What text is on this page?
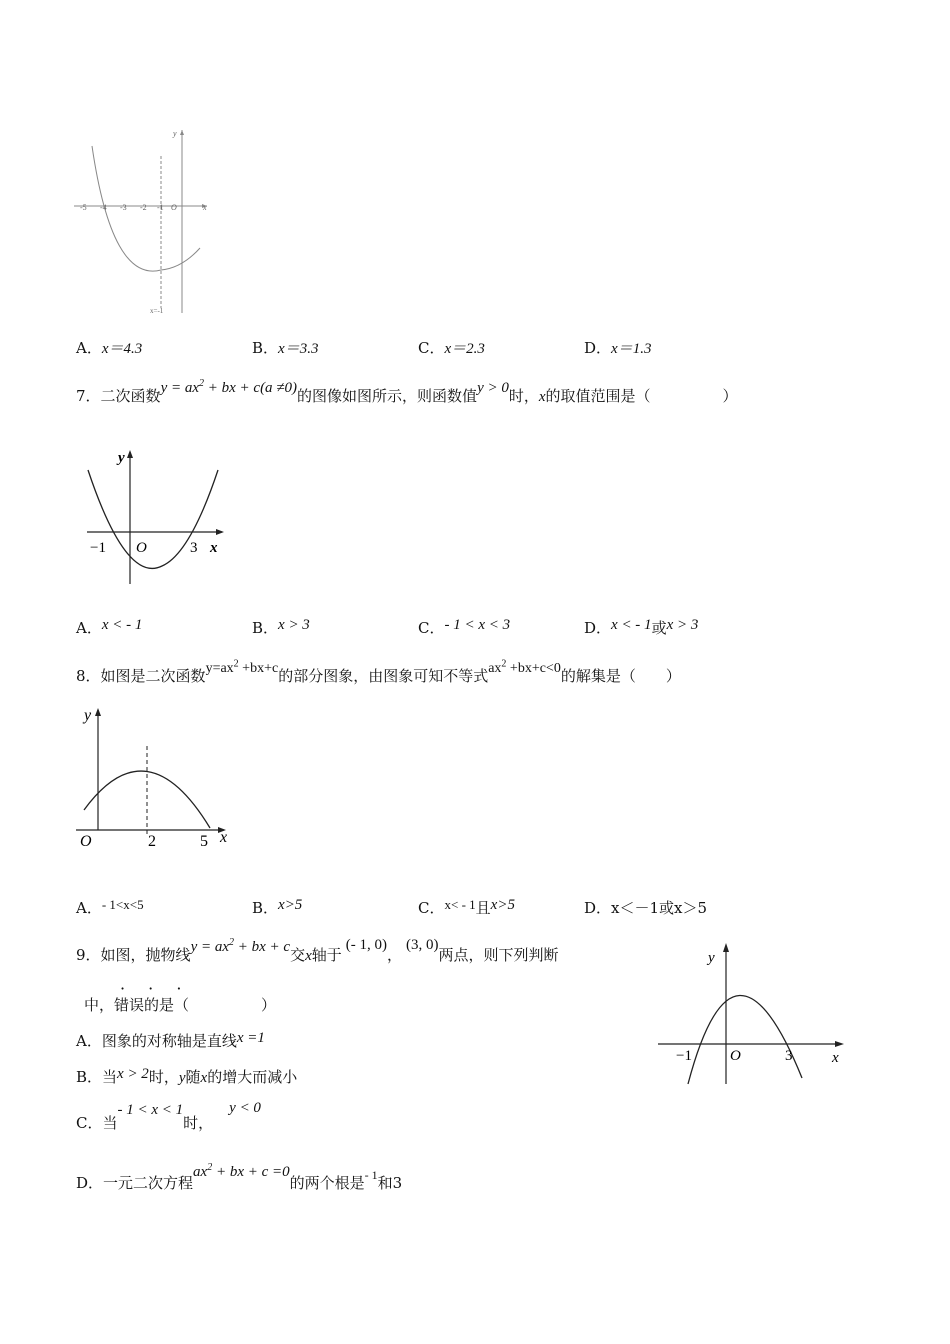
-5 -4 -3 -2 -1 O	x
y
x=-1
A．x＝4.3	B．x＝3.3	C．x＝2.3	D．x＝1.3
7．二次函数$y = ax^2$ + bx + c(a ≠0)的图像如图所示，则函数值y > 0时，x的取值范围是（	）
−1 O	3 x
y
A．x < - 1	B．x > 3	C．- 1 < x < 3	D．x < - 1或x > 3
8．如图是二次函数$y=ax^2 +bx+c$的部分图象，由图象可知不等式$ax^2 +bx+c<0$的解集是（　　）
O	2	5 x
y
A．- 1<x<5	B．x>5	C．x< - 1且x>5	D．x＜－1或x＞5
9．如图，抛物线$y = ax^2$ + bx + c交x轴于(- 1, 0)，(3, 0)两点，则下列判断
中，错误的是（	）
· · ·
A．图象的对称轴是直线x =1
B．当x > 2时，y随x的增大而减小
C．当- 1 < x < 1时，y < 0
D．一元二次方程$ax^2$ + bx + c =0的两个根是$^{- 1}$和3
−1	O	3	x
y
